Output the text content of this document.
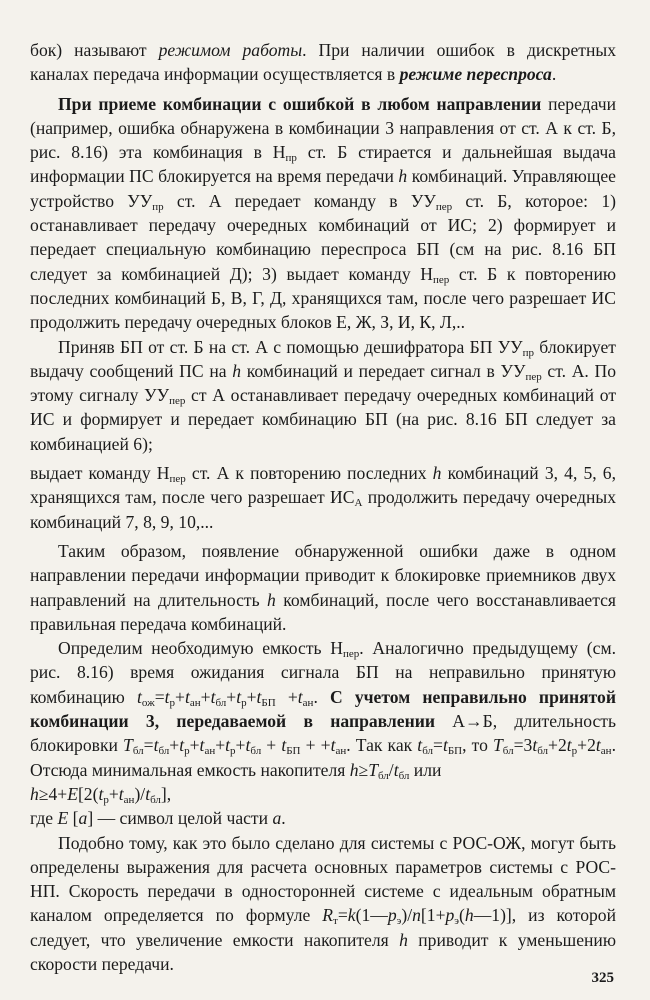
бок) называют режимом работы. При наличии ошибок в дискретных каналах передача информации осуществляется в режиме переспроса.

При приеме комбинации с ошибкой в любом направлении передачи (например, ошибка обнаружена в комбинации 3 направления от ст. А к ст. Б, рис. 8.16) эта комбинация в $Н_{пр}$ ст. Б стирается и дальнейшая выдача информации ПС блокируется на время передачи h комбинаций. Управляющее устройство $УУ_{пр}$ ст. А передает команду в $УУ_{пер}$ ст. Б, которое: 1) останавливает передачу очередных комбинаций от ИС; 2) формирует и передает специальную комбинацию переспроса БП (см на рис. 8.16 БП следует за комбинацией Д); 3) выдает команду $Н_{пер}$ ст. Б к повторению последних комбинаций Б, В, Г, Д, хранящихся там, после чего разрешает ИС продолжить передачу очередных блоков Е, Ж, З, И, К, Л,..

Приняв БП от ст. Б на ст. А с помощью дешифратора БП $УУ_{пр}$ блокирует выдачу сообщений ПС на h комбинаций и передает сигнал в $УУ_{пер}$ ст. А. По этому сигналу $УУ_{пер}$ ст А останавливает передачу очередных комбинаций от ИС и формирует и передает комбинацию БП (на рис. 8.16 БП следует за комбинацией 6);

выдает команду $Н_{пер}$ ст. А к повторению последних h комбинаций 3, 4, 5, 6, хранящихся там, после чего разрешает $ИС_А$ продолжить передачу очередных комбинаций 7, 8, 9, 10,...

Таким образом, появление обнаруженной ошибки даже в одном направлении передачи информации приводит к блокировке приемников двух направлений на длительность h комбинаций, после чего восстанавливается правильная передача комбинаций.

Определим необходимую емкость $Н_{пер}$. Аналогично предыдущему (см. рис. 8.16) время ожидания сигнала БП на неправильно принятую комбинацию $t_{ож}=t_р+t_{ан}+t_{бл}+t_р+t_{БП} +t_{ан}$. С учетом неправильно принятой комбинации 3, передаваемой в направлении А→Б, длительность блокировки $Т_{бл}=t_{бл}+t_р+t_{ан}+t_р+t_{бл} + t_{БП} + +t_{ан}$. Так как $t_{бл}=t_{БП}$, то $Т_{бл}=3t_{бл}+2t_р+2t_{ан}$. Отсюда минимальная емкость накопителя $h\ge Т_{бл}/t_{бл}$ или

$h\ge 4+E[2(t_р+t_{ан})/t_{бл}]$,

где Е [a] — символ целой части a.

Подобно тому, как это было сделано для системы с РОС-ОЖ, могут быть определены выражения для расчета основных параметров системы с РОС-НП. Скорость передачи в односторонней системе с идеальным обратным каналом определяется по формуле $R_т=k(1—р_э)/n[1+р_э(h—1)]$, из которой следует, что увеличение емкости накопителя h приводит к уменьшению скорости передачи.

325
